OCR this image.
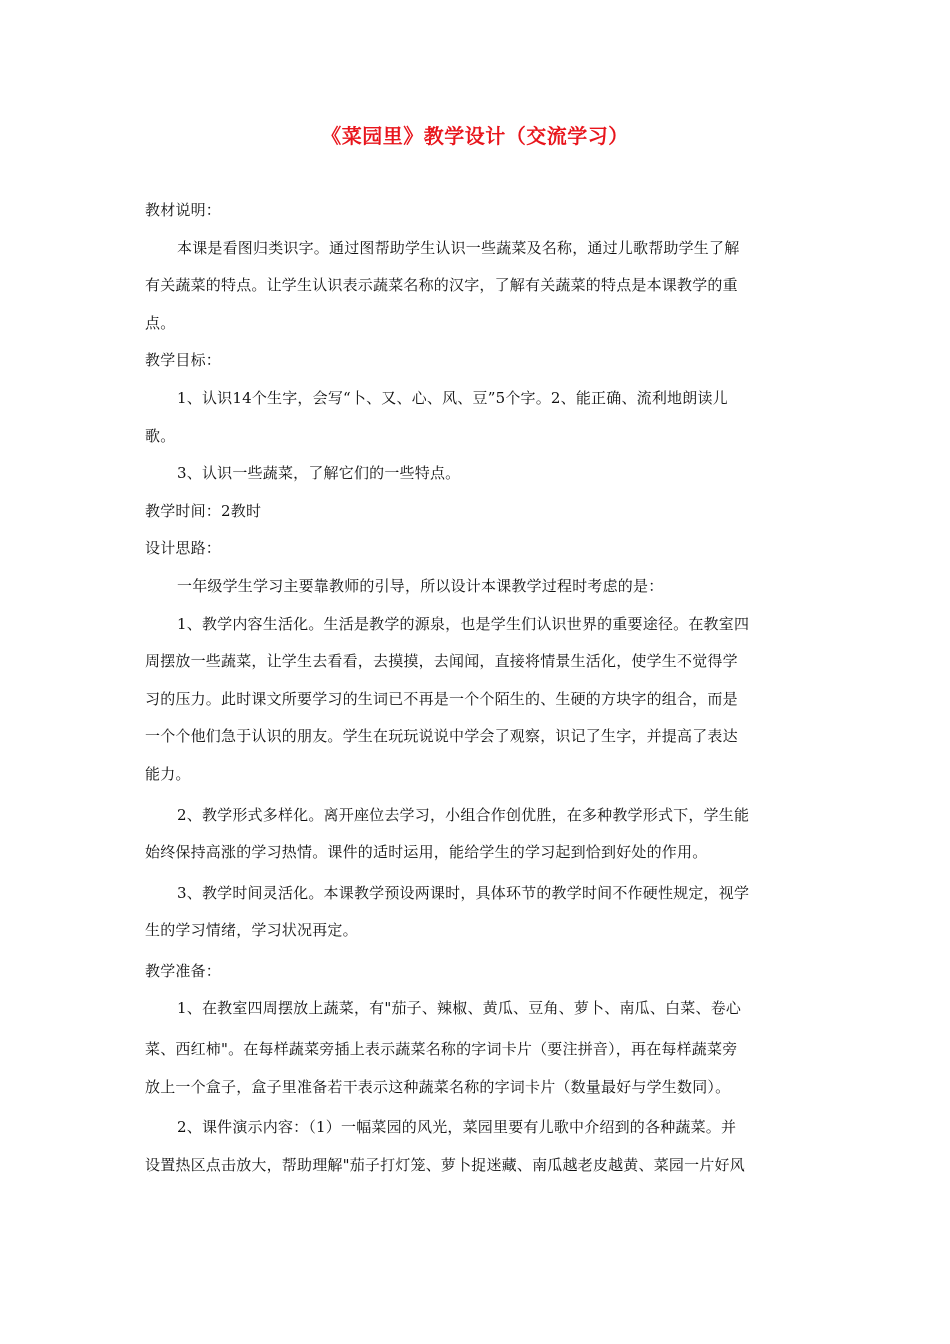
《菜园里》教学设计（交流学习）
教材说明：
本课是看图归类识字。通过图帮助学生认识一些蔬菜及名称，通过儿歌帮助学生了解
有关蔬菜的特点。让学生认识表示蔬菜名称的汉字，了解有关蔬菜的特点是本课教学的重
点。
教学目标：
1、认识14个生字，会写“卜、又、心、风、豆”5个字。2、能正确、流利地朗读儿
歌。
3、认识一些蔬菜，了解它们的一些特点。
教学时间：2教时
设计思路：
一年级学生学习主要靠教师的引导，所以设计本课教学过程时考虑的是：
1、教学内容生活化。生活是教学的源泉，也是学生们认识世界的重要途径。在教室四
周摆放一些蔬菜，让学生去看看，去摸摸，去闻闻，直接将情景生活化，使学生不觉得学
习的压力。此时课文所要学习的生词已不再是一个个陌生的、生硬的方块字的组合，而是
一个个他们急于认识的朋友。学生在玩玩说说中学会了观察，识记了生字，并提高了表达
能力。
2、教学形式多样化。离开座位去学习，小组合作创优胜，在多种教学形式下，学生能
始终保持高涨的学习热情。课件的适时运用，能给学生的学习起到恰到好处的作用。
3、教学时间灵活化。本课教学预设两课时，具体环节的教学时间不作硬性规定，视学
生的学习情绪，学习状况再定。
教学准备：
1、在教室四周摆放上蔬菜，有"茄子、辣椒、黄瓜、豆角、萝卜、南瓜、白菜、卷心
菜、西红柿"。在每样蔬菜旁插上表示蔬菜名称的字词卡片（要注拼音），再在每样蔬菜旁
放上一个盒子，盒子里准备若干表示这种蔬菜名称的字词卡片（数量最好与学生数同）。
2、课件演示内容：（1）一幅菜园的风光，菜园里要有儿歌中介绍到的各种蔬菜。并
设置热区点击放大，帮助理解"茄子打灯笼、萝卜捉迷藏、南瓜越老皮越黄、菜园一片好风
